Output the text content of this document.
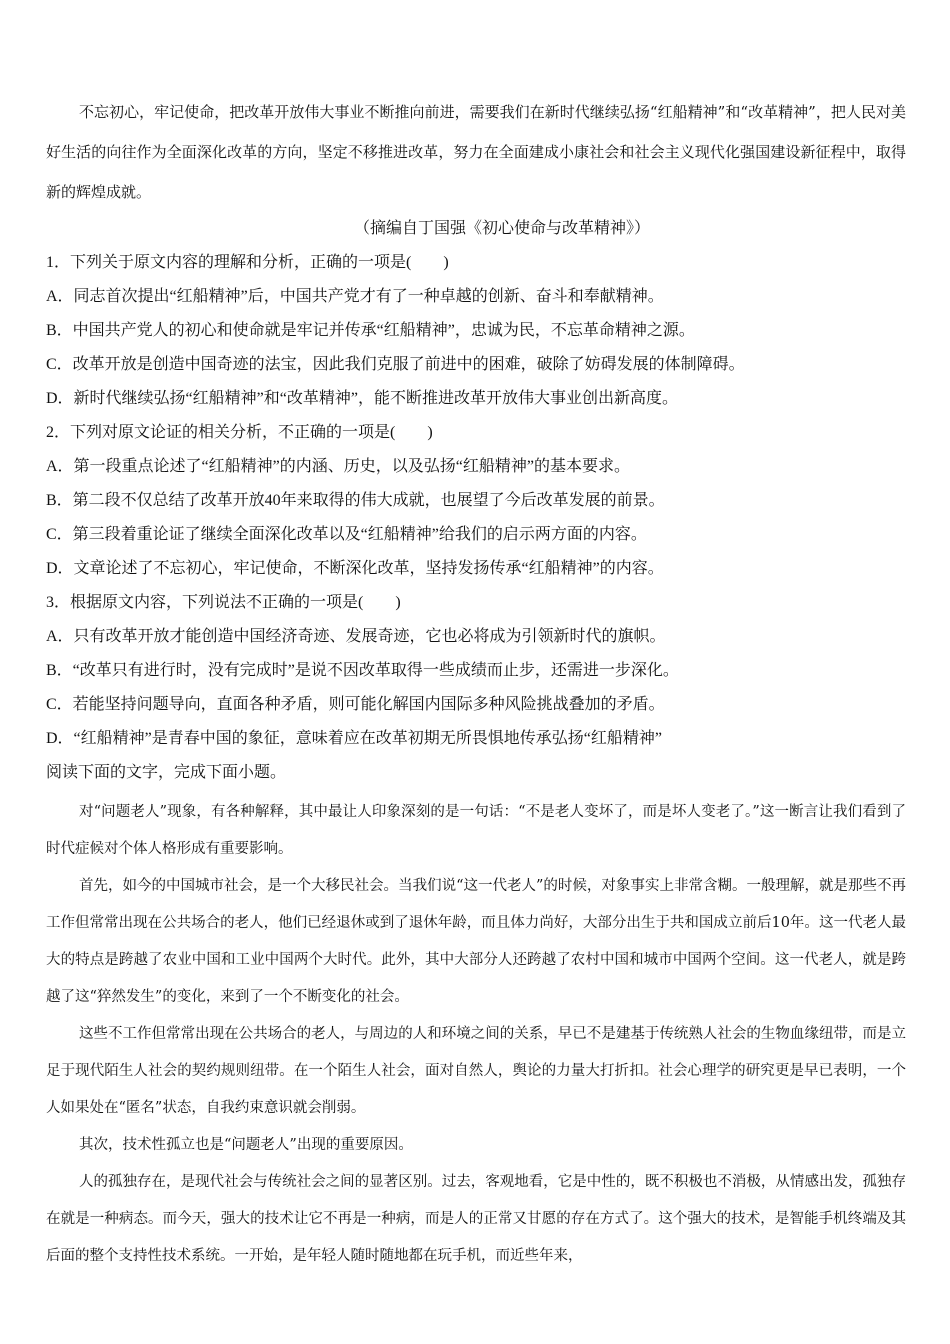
不忘初心，牢记使命，把改革开放伟大事业不断推向前进，需要我们在新时代继续弘扬“红船精神”和“改革精神”，把人民对美好生活的向往作为全面深化改革的方向，坚定不移推进改革，努力在全面建成小康社会和社会主义现代化强国建设新征程中，取得新的辉煌成就。

（摘编自丁国强《初心使命与改革精神》）

1．下列关于原文内容的理解和分析，正确的一项是(　　)

A．同志首次提出“红船精神”后，中国共产党才有了一种卓越的创新、奋斗和奉献精神。

B．中国共产党人的初心和使命就是牢记并传承“红船精神”，忠诚为民，不忘革命精神之源。

C．改革开放是创造中国奇迹的法宝，因此我们克服了前进中的困难，破除了妨碍发展的体制障碍。

D．新时代继续弘扬“红船精神”和“改革精神”，能不断推进改革开放伟大事业创出新高度。

2．下列对原文论证的相关分析，不正确的一项是(　　)

A．第一段重点论述了“红船精神”的内涵、历史，以及弘扬“红船精神”的基本要求。

B．第二段不仅总结了改革开放40年来取得的伟大成就，也展望了今后改革发展的前景。

C．第三段着重论证了继续全面深化改革以及“红船精神”给我们的启示两方面的内容。

D．文章论述了不忘初心，牢记使命，不断深化改革，坚持发扬传承“红船精神”的内容。

3．根据原文内容，下列说法不正确的一项是(　　)

A．只有改革开放才能创造中国经济奇迹、发展奇迹，它也必将成为引领新时代的旗帜。

B．“改革只有进行时，没有完成时”是说不因改革取得一些成绩而止步，还需进一步深化。

C．若能坚持问题导向，直面各种矛盾，则可能化解国内国际多种风险挑战叠加的矛盾。

D．“红船精神”是青春中国的象征，意味着应在改革初期无所畏惧地传承弘扬“红船精神”

阅读下面的文字，完成下面小题。

对“问题老人”现象，有各种解释，其中最让人印象深刻的是一句话：“不是老人变坏了，而是坏人变老了。”这一断言让我们看到了时代症候对个体人格形成有重要影响。

首先，如今的中国城市社会，是一个大移民社会。当我们说“这一代老人”的时候，对象事实上非常含糊。一般理解，就是那些不再工作但常常出现在公共场合的老人，他们已经退休或到了退休年龄，而且体力尚好，大部分出生于共和国成立前后10年。这一代老人最大的特点是跨越了农业中国和工业中国两个大时代。此外，其中大部分人还跨越了农村中国和城市中国两个空间。这一代老人，就是跨越了这“猝然发生”的变化，来到了一个不断变化的社会。

这些不工作但常常出现在公共场合的老人，与周边的人和环境之间的关系，早已不是建基于传统熟人社会的生物血缘纽带，而是立足于现代陌生人社会的契约规则纽带。在一个陌生人社会，面对自然人，舆论的力量大打折扣。社会心理学的研究更是早已表明，一个人如果处在“匿名”状态，自我约束意识就会削弱。

其次，技术性孤立也是“问题老人”出现的重要原因。

人的孤独存在，是现代社会与传统社会之间的显著区别。过去，客观地看，它是中性的，既不积极也不消极，从情感出发，孤独存在就是一种病态。而今天，强大的技术让它不再是一种病，而是人的正常又甘愿的存在方式了。这个强大的技术，是智能手机终端及其后面的整个支持性技术系统。一开始，是年轻人随时随地都在玩手机，而近些年来，
